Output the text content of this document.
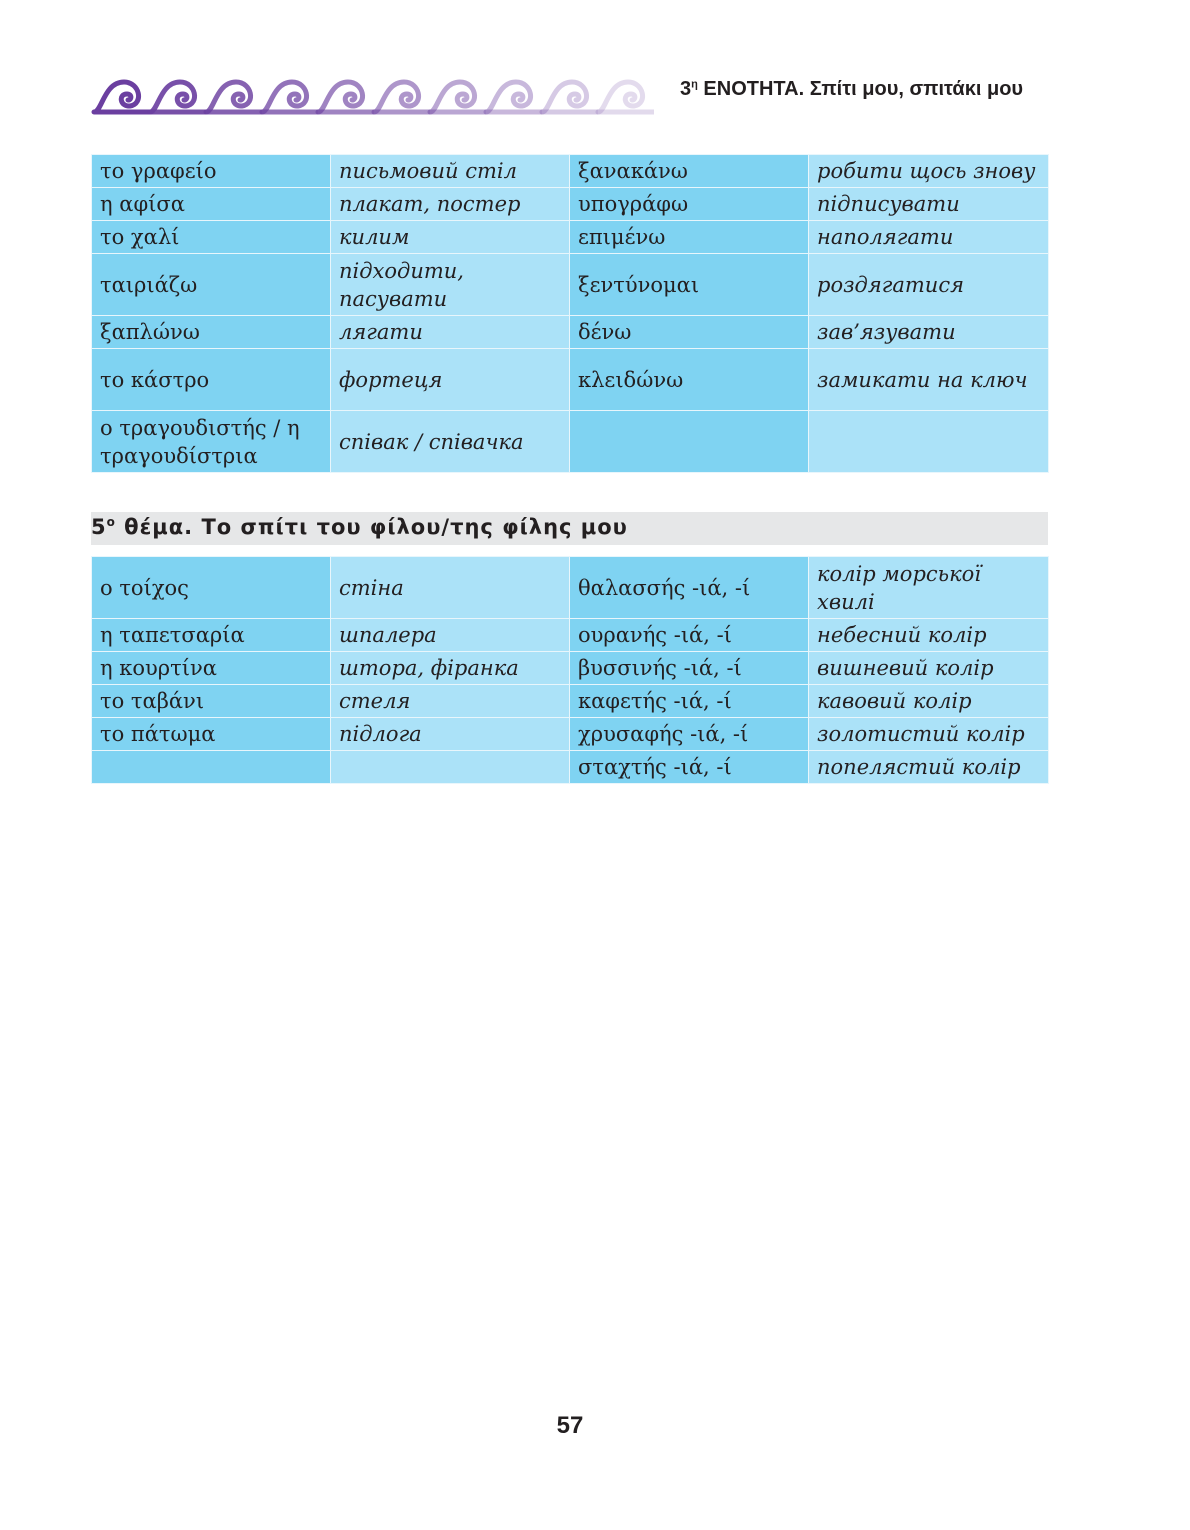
$3^\eta$ ΕΝΟΤΗΤΑ. Σπίτι μου, σπιτάκι μου
το γραφείο	письмовий стіл	ξανακάνω	робити щось знову
η αφίσα	плакат, постер	υπογράφω	підписувати
το χαλί	килим	επιμένω	наполягати
ταιριάζω	підходити, пасувати	ξεντύνομαι	роздягатися
ξαπλώνω	лягати	δένω	зав’язувати
το κάστρο	фортеця	κλειδώνω	замикати на ключ
ο τραγουδιστής / η τραγουδίστρια	співак / співачка		
$5^o$ θέμα. Το σπίτι του φίλου/της φίλης μου
ο τοίχος	стіна	θαλασσής -ιά, -ί	колір морської хвилі
η ταπετσαρία	шпалера	ουρανής -ιά, -ί	небесний колір
η κουρτίνα	штора, фіранка	βυσσινής -ιά, -ί	вишневий колір
το ταβάνι	стеля	καφετής -ιά, -ί	кавовий колір
το πάτωμα	підлога	χρυσαφής -ιά, -ί	золотистий колір
		σταχτής -ιά, -ί	попелястий колір
57
